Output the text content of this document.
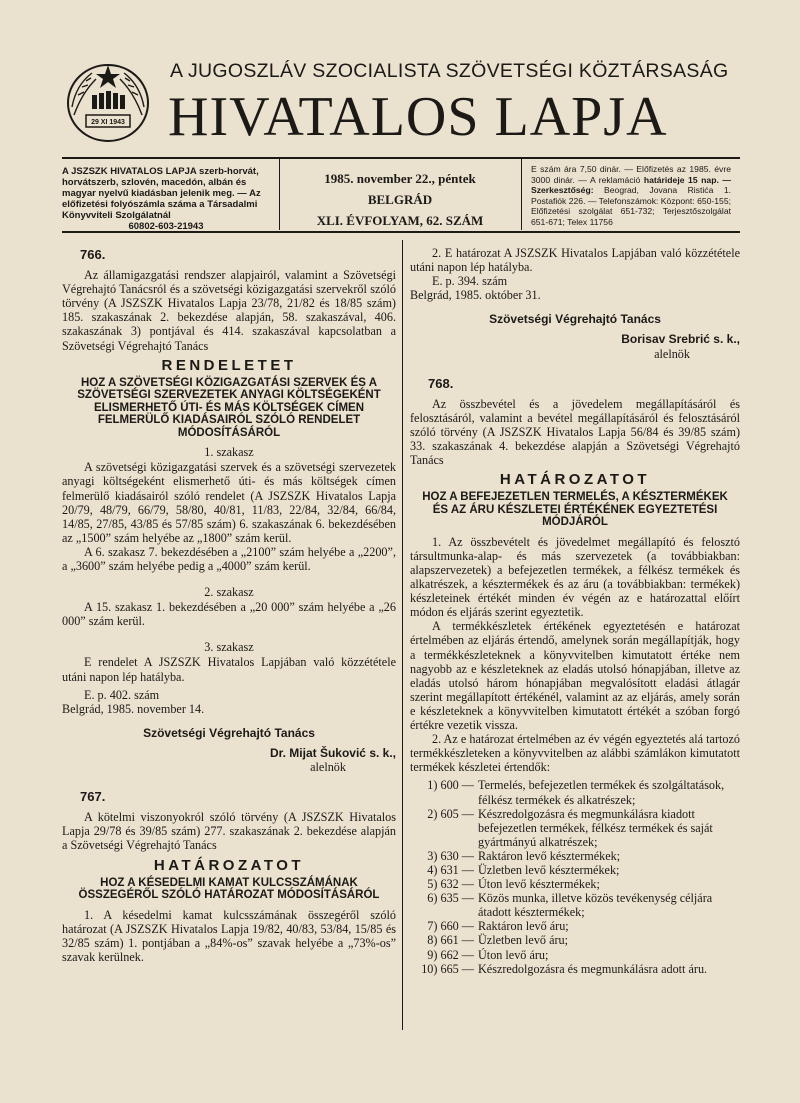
29 XI 1943
A JUGOSZLÁV SZOCIALISTA SZÖVETSÉGI KÖZTÁRSASÁG
HIVATALOS LAPJA
A JSZSZK HIVATALOS LAPJA szerb-horvát, horvátszerb, szlovén, macedón, albán és magyar nyelvű kiadásban jelenik meg. — Az előfizetési folyószámla száma a Társadalmi Könyvviteli Szolgálatnál
60802-603-21943
1985. november 22., péntek
BELGRÁD
XLI. ÉVFOLYAM, 62. SZÁM
E szám ára 7,50 dinár. — Előfizetés az 1985. évre 3000 dinár. — A reklamáció határideje 15 nap. — Szerkesztőség: Beograd, Jovana Ristića 1. Postafiók 226. — Telefonszámok: Központ: 650-155; Előfizetési szolgálat 651-732; Terjesztőszolgálat 651-671; Telex 11756
766.

Az államigazgatási rendszer alapjairól, valamint a Szövetségi Végrehajtó Tanácsról és a szövetségi közigazgatási szervekről szóló törvény (A JSZSZK Hivatalos Lapja 23/78, 21/82 és 18/85 szám) 185. szakaszának 2. bekezdése alapján, 58. szakaszával, 406. szakaszának 3) pontjával és 414. szakaszával kapcsolatban a Szövetségi Végrehajtó Tanács

RENDELETET
HOZ A SZÖVETSÉGI KÖZIGAZGATÁSI SZERVEK ÉS A SZÖVETSÉGI SZERVEZETEK ANYAGI KÖLTSÉGEKÉNT ELISMERHETŐ ÚTI- ÉS MÁS KÖLTSÉGEK CÍMEN FELMERÜLŐ KIADÁSAIRÓL SZÓLÓ RENDELET MÓDOSÍTÁSÁRÓL
1. szakasz

A szövetségi közigazgatási szervek és a szövetségi szervezetek anyagi költségeként elismerhető úti- és más költségek címen felmerülő kiadásairól szóló rendelet (A JSZSZK Hivatalos Lapja 20/79, 48/79, 66/79, 58/80, 40/81, 11/83, 22/84, 32/84, 66/84, 14/85, 27/85, 43/85 és 57/85 szám) 6. szakaszának 6. bekezdésében az „1500” szám helyébe az „1800” szám kerül.

A 6. szakasz 7. bekezdésében a „2100” szám helyébe a „2200”, a „3600” szám helyébe pedig a „4000” szám kerül.

2. szakasz

A 15. szakasz 1. bekezdésében a „20 000” szám helyébe a „26 000” szám kerül.

3. szakasz

E rendelet A JSZSZK Hivatalos Lapjában való közzététele utáni napon lép hatályba.

E. p. 402. szám

Belgrád, 1985. november 14.

Szövetségi Végrehajtó Tanács
Dr. Mijat Šuković s. k.,
alelnök
767.

A kötelmi viszonyokról szóló törvény (A JSZSZK Hivatalos Lapja 29/78 és 39/85 szám) 277. szakaszának 2. bekezdése alapján a Szövetségi Végrehajtó Tanács

HATÁROZATOT
HOZ A KÉSEDELMI KAMAT KULCSSZÁMÁNAK ÖSSZEGÉRŐL SZÓLÓ HATÁROZAT MÓDOSÍTÁSÁRÓL

1. A késedelmi kamat kulcsszámának összegéről szóló határozat (A JSZSZK Hivatalos Lapja 19/82, 40/83, 53/84, 15/85 és 32/85 szám) 1. pontjában a „84%-os” szavak helyébe a „73%-os” szavak kerülnek.

2. E határozat A JSZSZK Hivatalos Lapjában való közzététele utáni napon lép hatályba.

E. p. 394. szám

Belgrád, 1985. október 31.

Szövetségi Végrehajtó Tanács
Borisav Srebrić s. k.,
alelnök
768.

Az összbevétel és a jövedelem megállapításáról és felosztásáról, valamint a bevétel megállapításáról és felosztásáról szóló törvény (A JSZSZK Hivatalos Lapja 56/84 és 39/85 szám) 33. szakaszának 4. bekezdése alapján a Szövetségi Végrehajtó Tanács

HATÁROZATOT
HOZ A BEFEJEZETLEN TERMELÉS, A KÉSZTERMÉKEK ÉS AZ ÁRU KÉSZLETEI ÉRTÉKÉNEK EGYEZTETÉSI MÓDJÁRÓL

1. Az összbevételt és jövedelmet megállapító és felosztó társultmunka-alap- és más szervezetek (a továbbiakban: alapszervezetek) a befejezetlen termékek, a félkész termékek és alkatrészek, a késztermékek és az áru (a továbbiakban: termékek) készleteinek értékét minden év végén az e határozattal előírt módon és eljárás szerint egyeztetik.

A termékkészletek értékének egyeztetésén e határozat értelmében az eljárás értendő, amelynek során megállapítják, hogy a termékkészleteknek a könyvvitelben kimutatott értéke nem nagyobb az e készleteknek az eladás utolsó hónapjában, illetve az eladás utolsó három hónapjában megvalósított eladási átlagár szerint megállapított értékénél, valamint az az eljárás, amely során e készleteknek a könyvvitelben kimutatott értékét a szóban forgó értékre vezetik vissza.

2. Az e határozat értelmében az év végén egyeztetés alá tartozó termékkészleteken a könyvvitelben az alábbi számlákon kimutatott termékek készletei értendők:

1) 600 — Termelés, befejezetlen termékek és szolgáltatások, félkész termékek és alkatrészek;
2) 605 — Készredolgozásra és megmunkálásra kiadott befejezetlen termékek, félkész termékek és saját gyártmányú alkatrészek;
3) 630 — Raktáron levő késztermékek;
4) 631 — Üzletben levő késztermékek;
5) 632 — Úton levő késztermékek;
6) 635 — Közös munka, illetve közös tevékenység céljára átadott késztermékek;
7) 660 — Raktáron levő áru;
8) 661 — Üzletben levő áru;
9) 662 — Úton levő áru;
10) 665 — Készredolgozásra és megmunkálásra adott áru.
